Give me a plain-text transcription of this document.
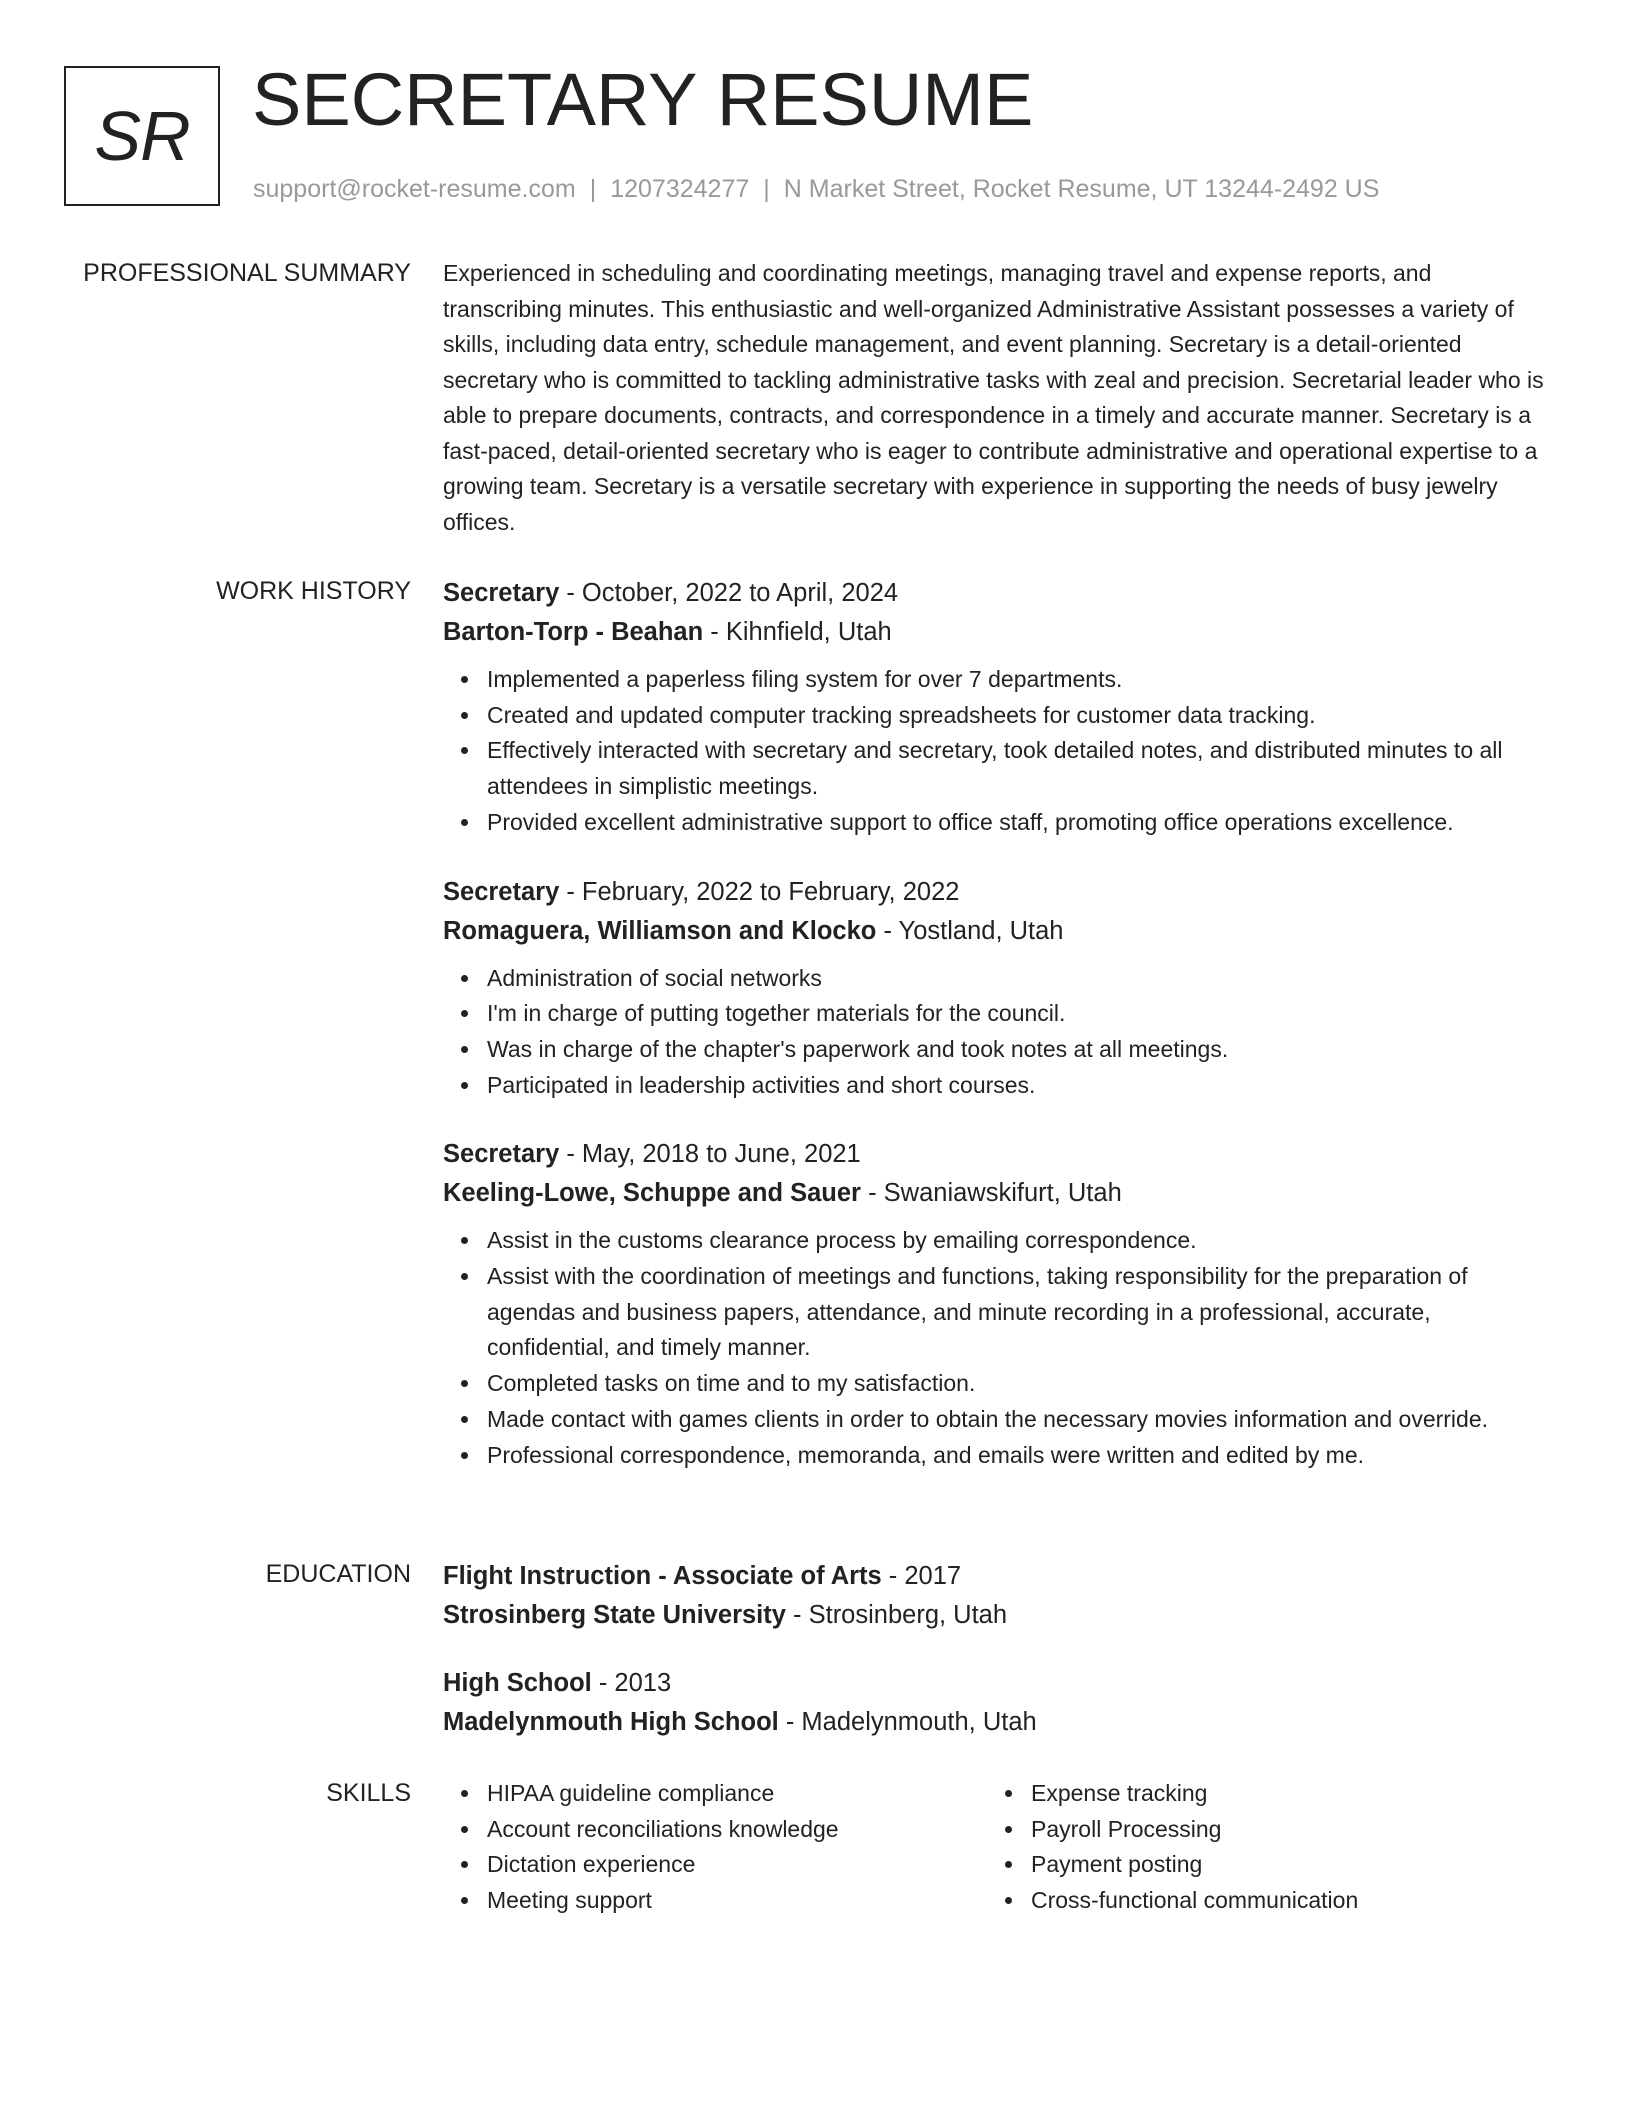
SR SECRETARY RESUME
support@rocket-resume.com | 1207324277 | N Market Street, Rocket Resume, UT 13244-2492 US
PROFESSIONAL SUMMARY Experienced in scheduling and coordinating meetings, managing travel and expense reports, and transcribing minutes. This enthusiastic and well-organized Administrative Assistant possesses a variety of skills, including data entry, schedule management, and event planning. Secretary is a detail-oriented secretary who is committed to tackling administrative tasks with zeal and precision. Secretarial leader who is able to prepare documents, contracts, and correspondence in a timely and accurate manner. Secretary is a fast-paced, detail-oriented secretary who is eager to contribute administrative and operational expertise to a growing team. Secretary is a versatile secretary with experience in supporting the needs of busy jewelry offices.

WORK HISTORY Secretary - October, 2022 to April, 2024
Barton-Torp - Beahan - Kihnfield, Utah
Implemented a paperless filing system for over 7 departments.
Created and updated computer tracking spreadsheets for customer data tracking.
Effectively interacted with secretary and secretary, took detailed notes, and distributed minutes to all attendees in simplistic meetings.
Provided excellent administrative support to office staff, promoting office operations excellence.
Secretary - February, 2022 to February, 2022
Romaguera, Williamson and Klocko - Yostland, Utah
Administration of social networks
I'm in charge of putting together materials for the council.
Was in charge of the chapter's paperwork and took notes at all meetings.
Participated in leadership activities and short courses.
Secretary - May, 2018 to June, 2021
Keeling-Lowe, Schuppe and Sauer - Swaniawskifurt, Utah
Assist in the customs clearance process by emailing correspondence.
Assist with the coordination of meetings and functions, taking responsibility for the preparation of agendas and business papers, attendance, and minute recording in a professional, accurate, confidential, and timely manner.
Completed tasks on time and to my satisfaction.
Made contact with games clients in order to obtain the necessary movies information and override.
Professional correspondence, memoranda, and emails were written and edited by me.
EDUCATION Flight Instruction - Associate of Arts - 2017
Strosinberg State University - Strosinberg, Utah
High School - 2013
Madelynmouth High School - Madelynmouth, Utah
SKILLS	HIPAA guideline compliance
Account reconciliations knowledge
Dictation experience
Meeting support
Expense tracking
Payroll Processing
Payment posting
Cross-functional communication
